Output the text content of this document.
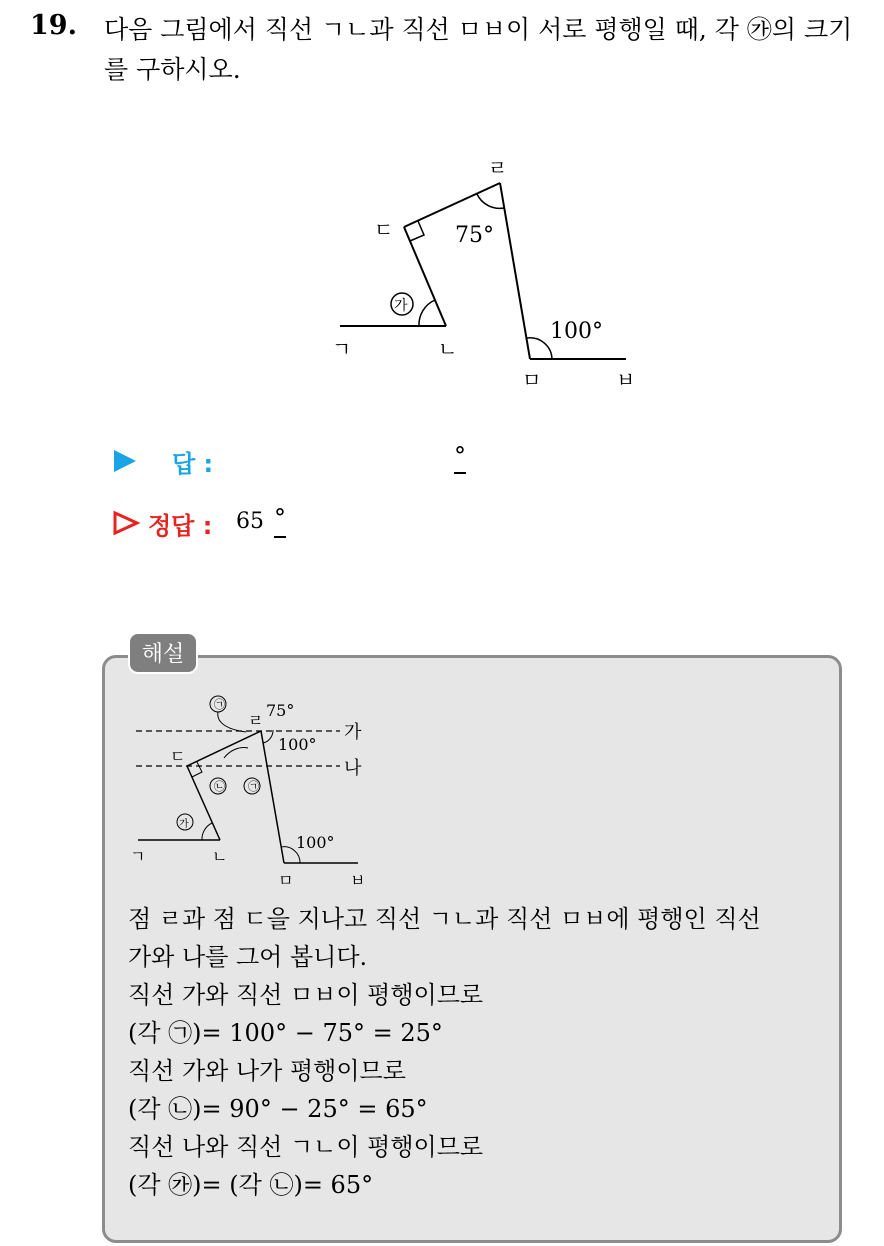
19. 다음 그림에서 직선 ㄱㄴ과 직선 ㅁㅂ이 서로 평행일 때, 각 ㉮의 크기를 구하시오.
ㄱ	ㄴ
ㄷ
ㄹ
ㅁ	ㅂ
가
75°
100°
답 :	°
정답 : 65 °
해설
㉠
㉡ ㉠
가
가
나
ㄱ	ㄴ
ㄷ
ㄹ
ㅁ	ㅂ
75°
100°
100°
점 ㄹ과 점 ㄷ을 지나고 직선 ㄱㄴ과 직선 ㅁㅂ에 평행인 직선
가와 나를 그어 봅니다.
직선 가와 직선 ㅁㅂ이 평행이므로
(각 ㉠)= 100° − 75° = 25°
직선 가와 나가 평행이므로
(각 ㉡)= 90° − 25° = 65°
직선 나와 직선 ㄱㄴ이 평행이므로
(각 ㉮)= (각 ㉡)= 65°
